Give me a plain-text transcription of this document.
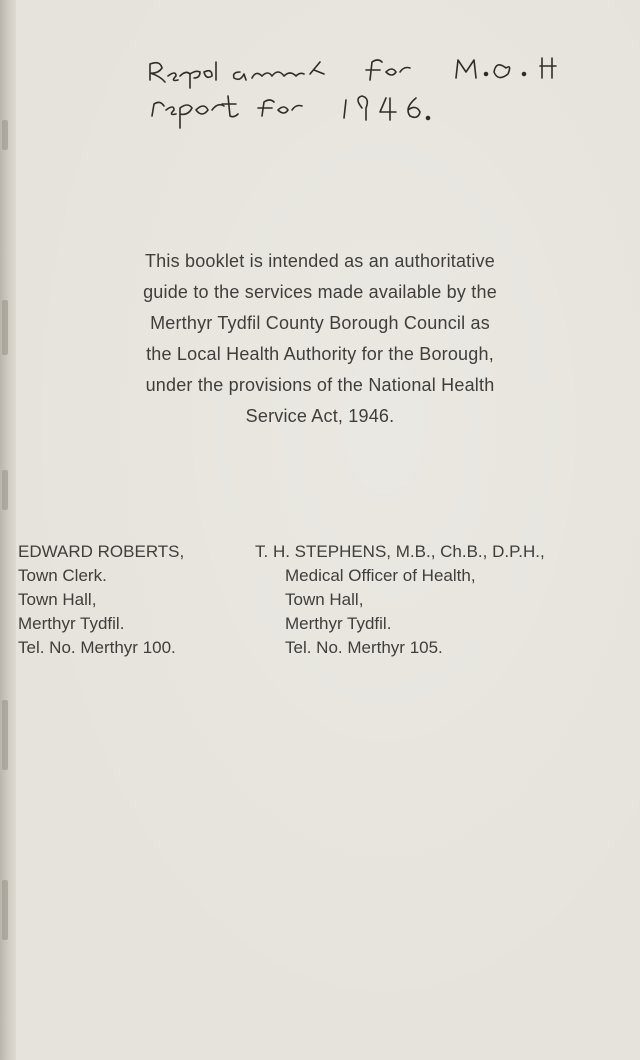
This booklet is intended as an authoritative
guide to the services made available by the
Merthyr Tydfil County Borough Council as
the Local Health Authority for the Borough,
under the provisions of the National Health
Service Act, 1946.
EDWARD ROBERTS,
Town Clerk.
Town Hall,
Merthyr Tydfil.
Tel. No. Merthyr 100.
T. H. STEPHENS, M.B., Ch.B., D.P.H.,
Medical Officer of Health,
Town Hall,
Merthyr Tydfil.
Tel. No. Merthyr 105.
